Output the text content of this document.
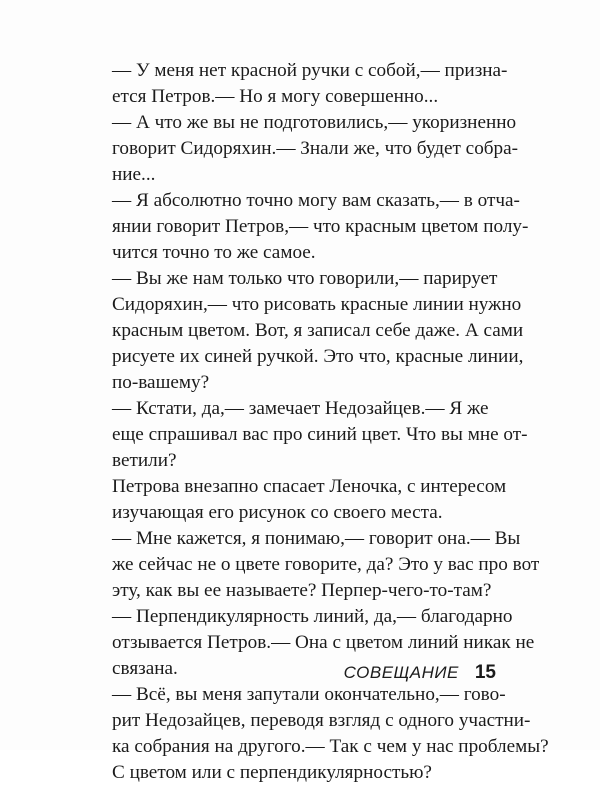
— У меня нет красной ручки с собой,— призна-
ется Петров.— Но я могу совершенно...
— А что же вы не подготовились,— укоризненно
говорит Сидоряхин.— Знали же, что будет собра-
ние...
— Я абсолютно точно могу вам сказать,— в отча-
янии говорит Петров,— что красным цветом полу-
чится точно то же самое.
— Вы же нам только что говорили,— парирует
Сидоряхин,— что рисовать красные линии нужно
красным цветом. Вот, я записал себе даже. А сами
рисуете их синей ручкой. Это что, красные линии,
по-вашему?
— Кстати, да,— замечает Недозайцев.— Я же
еще спрашивал вас про синий цвет. Что вы мне от-
ветили?
Петрова внезапно спасает Леночка, с интересом
изучающая его рисунок со своего места.
— Мне кажется, я понимаю,— говорит она.— Вы
же сейчас не о цвете говорите, да? Это у вас про вот
эту, как вы ее называете? Перпер-чего-то-там?
— Перпендикулярность линий, да,— благодарно
отзывается Петров.— Она с цветом линий никак не
связана.
— Всё, вы меня запутали окончательно,— гово-
рит Недозайцев, переводя взгляд с одного участни-
ка собрания на другого.— Так с чем у нас проблемы?
С цветом или с перпендикулярностью?
СОВЕЩАНИЕ 15
